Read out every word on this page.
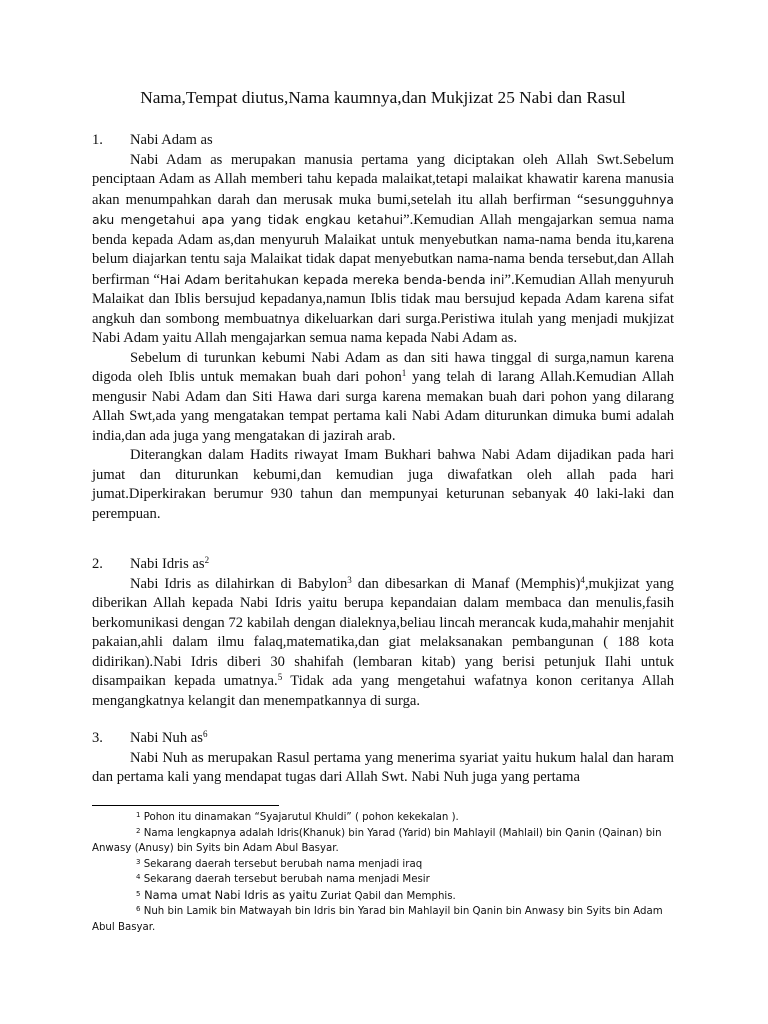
Nama,Tempat diutus,Nama kaumnya,dan Mukjizat 25 Nabi dan Rasul
1. Nabi Adam as

Nabi Adam as merupakan manusia pertama yang diciptakan oleh Allah Swt.Sebelum penciptaan Adam as Allah memberi tahu kepada malaikat,tetapi malaikat khawatir karena manusia akan menumpahkan darah dan merusak muka bumi,setelah itu allah berfirman “sesungguhnya aku mengetahui apa yang tidak engkau ketahui”.Kemudian Allah mengajarkan semua nama benda kepada Adam as,dan menyuruh Malaikat untuk menyebutkan nama-nama benda itu,karena belum diajarkan tentu saja Malaikat tidak dapat menyebutkan nama-nama benda tersebut,dan Allah berfirman “Hai Adam beritahukan kepada mereka benda-benda ini”.Kemudian Allah menyuruh Malaikat dan Iblis bersujud kepadanya,namun Iblis tidak mau bersujud kepada Adam karena sifat angkuh dan sombong membuatnya dikeluarkan dari surga.Peristiwa itulah yang menjadi mukjizat Nabi Adam yaitu Allah mengajarkan semua nama kepada Nabi Adam as.

Sebelum di turunkan kebumi Nabi Adam as dan siti hawa tinggal di surga,namun karena digoda oleh Iblis untuk memakan buah dari pohon$^1$ yang telah di larang Allah.Kemudian Allah mengusir Nabi Adam dan Siti Hawa dari surga karena memakan buah dari pohon yang dilarang Allah Swt,ada yang mengatakan tempat pertama kali Nabi Adam diturunkan dimuka bumi adalah india,dan ada juga yang mengatakan di jazirah arab.

Diterangkan dalam Hadits riwayat Imam Bukhari bahwa Nabi Adam dijadikan pada hari jumat dan diturunkan kebumi,dan kemudian juga diwafatkan oleh allah pada hari jumat.Diperkirakan berumur 930 tahun dan mempunyai keturunan sebanyak 40 laki-laki dan perempuan.

2. Nabi Idris $as^2$

Nabi Idris as dilahirkan di Babylon$^3$ dan dibesarkan di Manaf (Memphis)$^4$,mukjizat yang diberikan Allah kepada Nabi Idris yaitu berupa kepandaian dalam membaca dan menulis,fasih berkomunikasi dengan 72 kabilah dengan dialeknya,beliau lincah merancak kuda,mahahir menjahit pakaian,ahli dalam ilmu falaq,matematika,dan giat melaksanakan pembangunan ( 188 kota didirikan).Nabi Idris diberi 30 shahifah (lembaran kitab) yang berisi petunjuk Ilahi untuk disampaikan kepada umatnya.$^5$ Tidak ada yang mengetahui wafatnya konon ceritanya Allah mengangkatnya kelangit dan menempatkannya di surga.

3. Nabi Nuh $as^6$

Nabi Nuh as merupakan Rasul pertama yang menerima syariat yaitu hukum halal dan haram dan pertama kali yang mendapat tugas dari Allah Swt. Nabi Nuh juga yang pertama

$^1$ Pohon itu dinamakan “Syajarutul Khuldi” ( pohon kekekalan ).

$^2$ Nama lengkapnya adalah Idris(Khanuk) bin Yarad (Yarid) bin Mahlayil (Mahlail) bin Qanin (Qainan) bin Anwasy (Anusy) bin Syits bin Adam Abul Basyar.

$^3$ Sekarang daerah tersebut berubah nama menjadi iraq

$^4$ Sekarang daerah tersebut berubah nama menjadi Mesir

$^5$ Nama umat Nabi Idris as yaitu Zuriat Qabil dan Memphis.

$^6$ Nuh bin Lamik bin Matwayah bin Idris bin Yarad bin Mahlayil bin Qanin bin Anwasy bin Syits bin Adam Abul Basyar.
